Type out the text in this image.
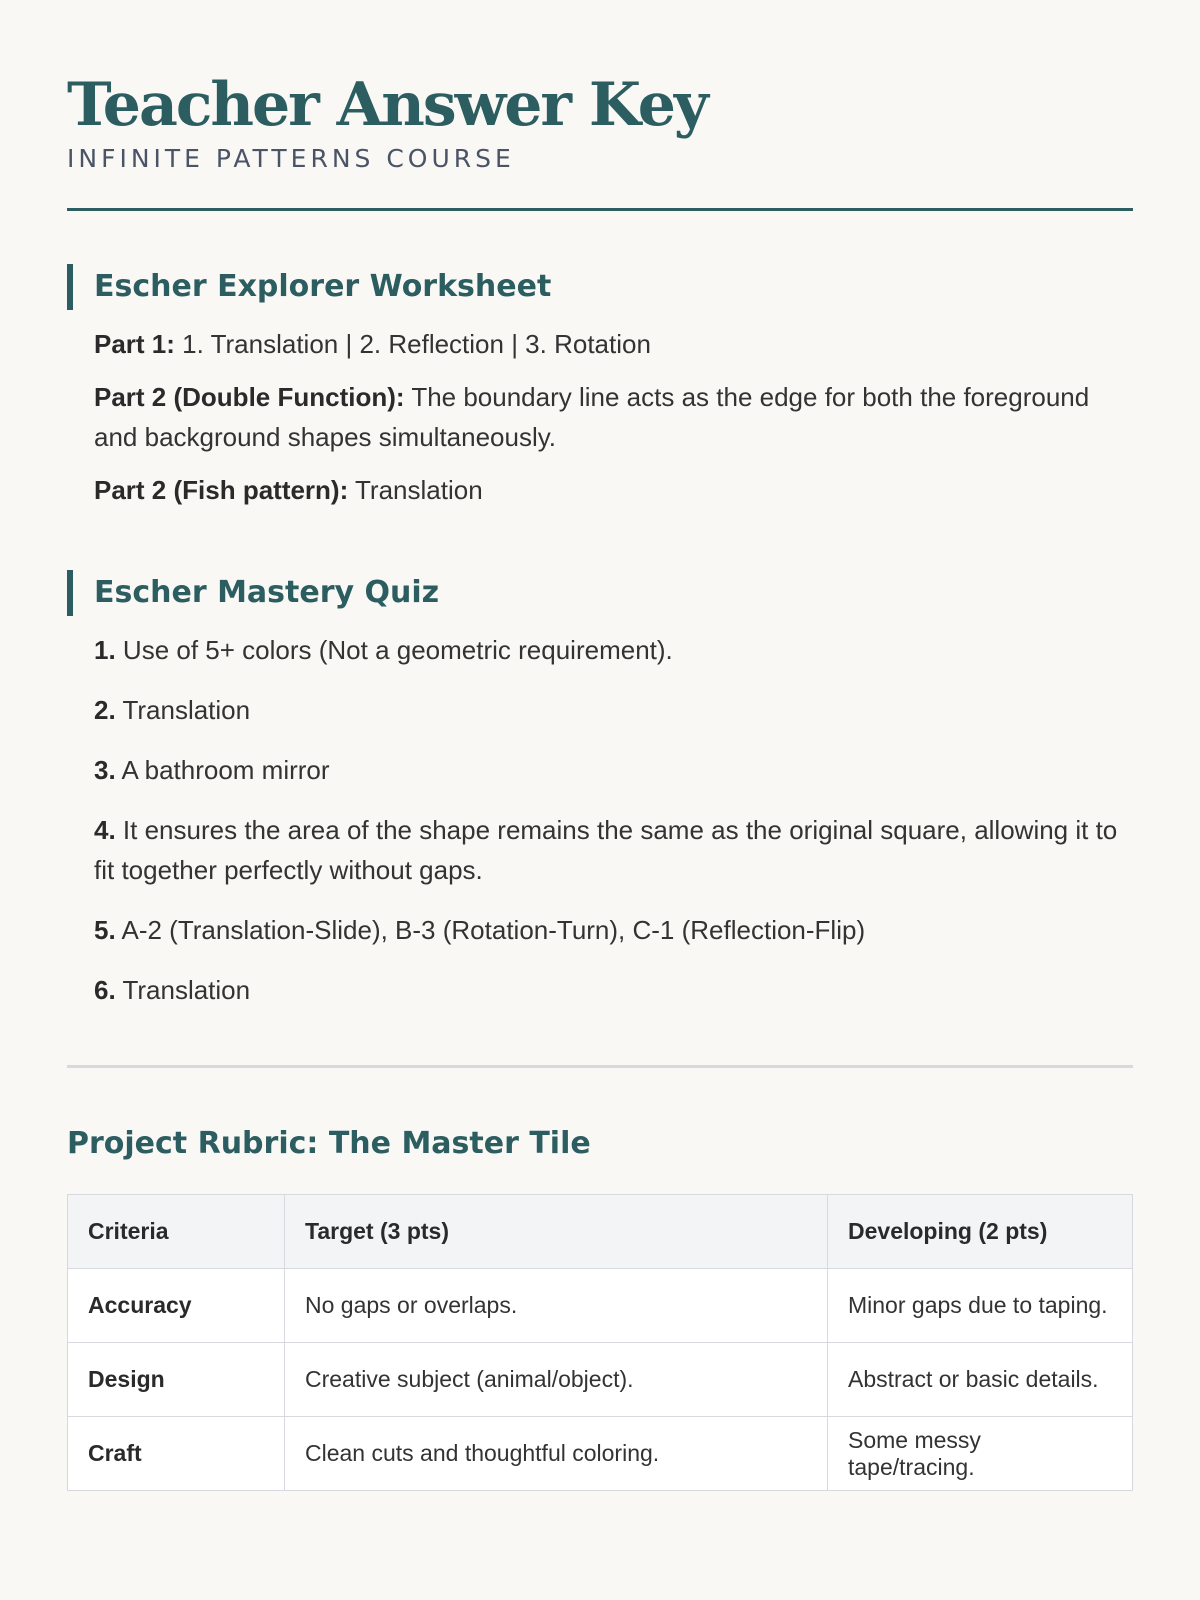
Teacher Answer Key

INFINITE PATTERNS COURSE

Escher Explorer Worksheet
Part 1: 1. Translation | 2. Reflection | 3. Rotation
Part 2 (Double Function): The boundary line acts as the edge for both the foreground and background shapes simultaneously.
Part 2 (Fish pattern): Translation
Escher Mastery Quiz
1. Use of 5+ colors (Not a geometric requirement).
2. Translation
3. A bathroom mirror
4. It ensures the area of the shape remains the same as the original square, allowing it to fit together perfectly without gaps.
5. A-2 (Translation-Slide), B-3 (Rotation-Turn), C-1 (Reflection-Flip)
6. Translation
Project Rubric: The Master Tile
Criteria	Target (3 pts)	Developing (2 pts)
Accuracy	No gaps or overlaps.	Minor gaps due to taping.
Design	Creative subject (animal/object).	Abstract or basic details.
Craft	Clean cuts and thoughtful coloring.	Some messy tape/tracing.
